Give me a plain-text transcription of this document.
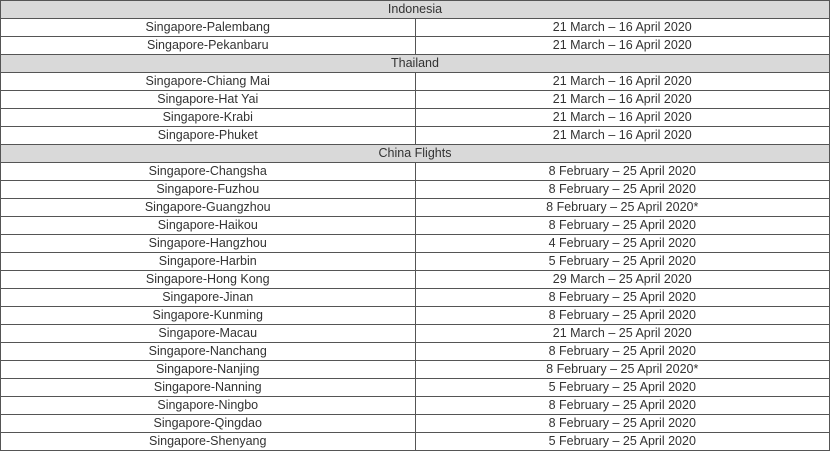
Indonesia	
Singapore-Palembang	21 March – 16 April 2020
Singapore-Pekanbaru	21 March – 16 April 2020
Thailand	
Singapore-Chiang Mai	21 March – 16 April 2020
Singapore-Hat Yai	21 March – 16 April 2020
Singapore-Krabi	21 March – 16 April 2020
Singapore-Phuket	21 March – 16 April 2020
China Flights	
Singapore-Changsha	8 February – 25 April 2020
Singapore-Fuzhou	8 February – 25 April 2020
Singapore-Guangzhou	8 February – 25 April 2020*
Singapore-Haikou	8 February – 25 April 2020
Singapore-Hangzhou	4 February – 25 April 2020
Singapore-Harbin	5 February – 25 April 2020
Singapore-Hong Kong	29 March – 25 April 2020
Singapore-Jinan	8 February – 25 April 2020
Singapore-Kunming	8 February – 25 April 2020
Singapore-Macau	21 March – 25 April 2020
Singapore-Nanchang	8 February – 25 April 2020
Singapore-Nanjing	8 February – 25 April 2020*
Singapore-Nanning	5 February – 25 April 2020
Singapore-Ningbo	8 February – 25 April 2020
Singapore-Qingdao	8 February – 25 April 2020
Singapore-Shenyang	5 February – 25 April 2020
